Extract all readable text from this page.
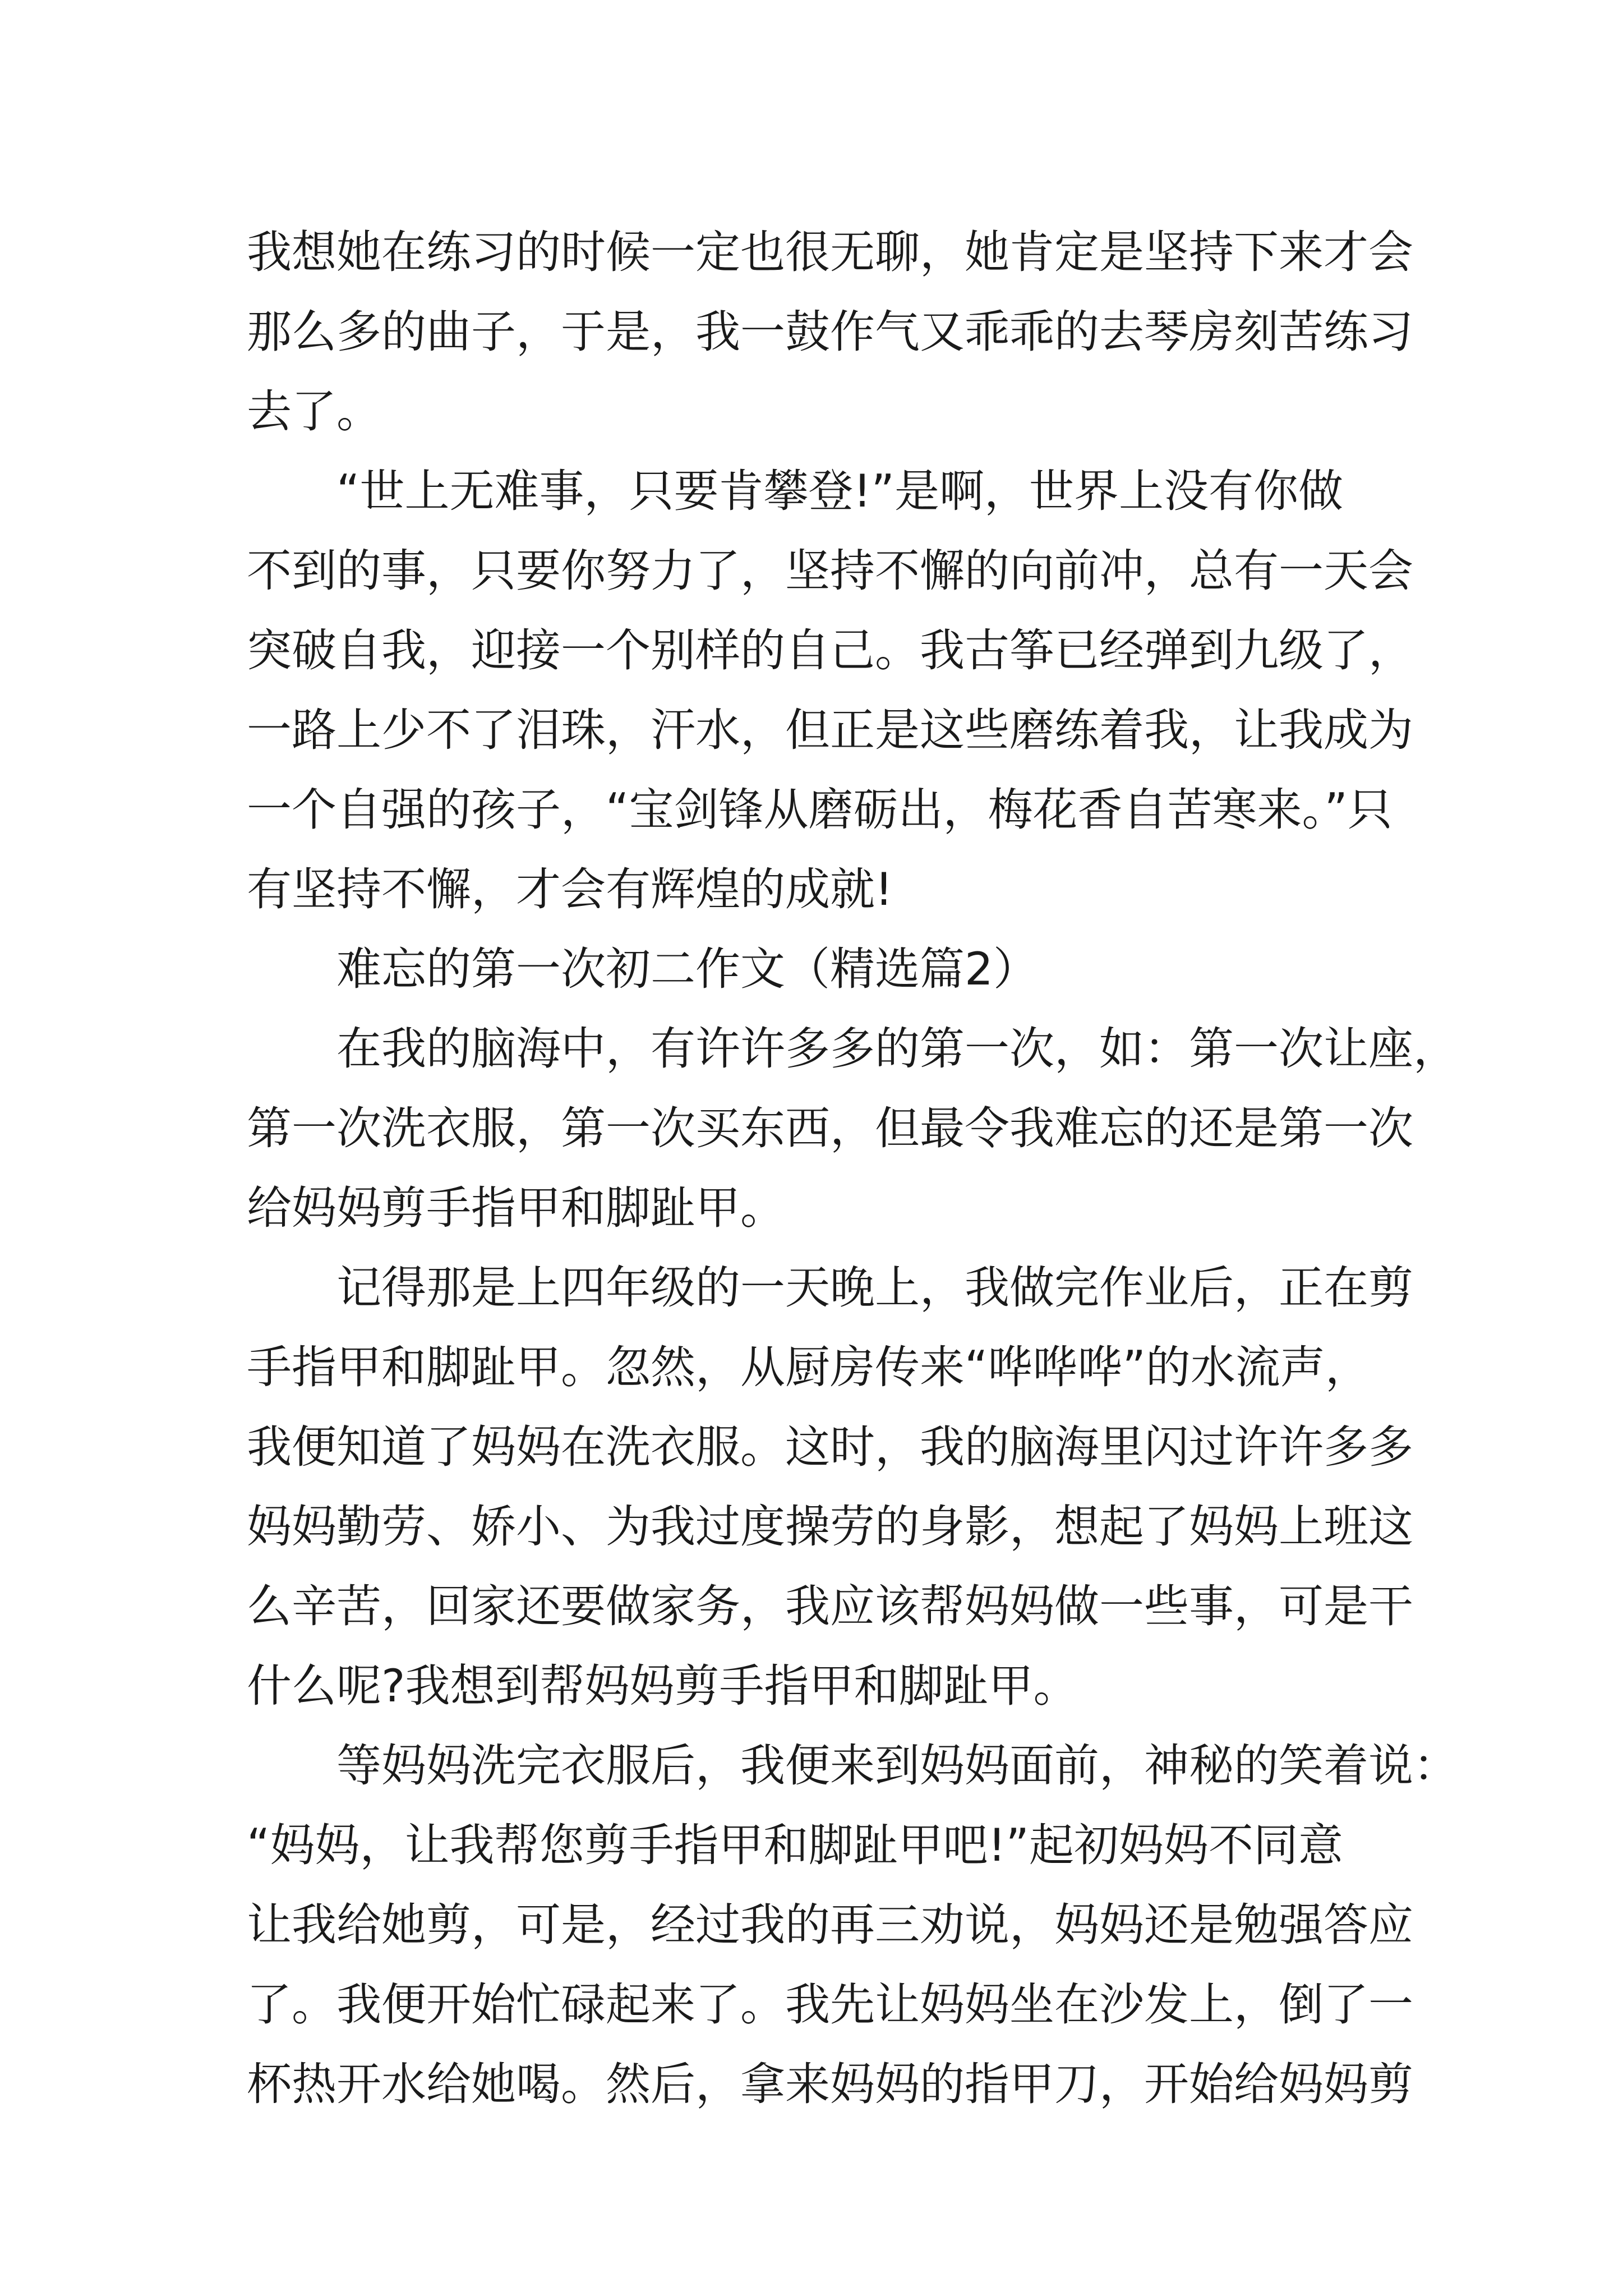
我想她在练习的时候一定也很无聊，她肯定是坚持下来才会
那么多的曲子，于是，我一鼓作气又乖乖的去琴房刻苦练习
去了。
“世上无难事，只要肯攀登!”是啊，世界上没有你做
不到的事，只要你努力了，坚持不懈的向前冲，总有一天会
突破自我，迎接一个别样的自己。我古筝已经弹到九级了，
一路上少不了泪珠，汗水，但正是这些磨练着我，让我成为
一个自强的孩子，“宝剑锋从磨砺出，梅花香自苦寒来。”只
有坚持不懈，才会有辉煌的成就!
难忘的第一次初二作文（精选篇2）
在我的脑海中，有许许多多的第一次，如：第一次让座，
第一次洗衣服，第一次买东西，但最令我难忘的还是第一次
给妈妈剪手指甲和脚趾甲。
记得那是上四年级的一天晚上，我做完作业后，正在剪
手指甲和脚趾甲。忽然，从厨房传来“哗哗哗”的水流声，
我便知道了妈妈在洗衣服。这时，我的脑海里闪过许许多多
妈妈勤劳、娇小、为我过度操劳的身影，想起了妈妈上班这
么辛苦，回家还要做家务，我应该帮妈妈做一些事，可是干
什么呢?我想到帮妈妈剪手指甲和脚趾甲。
等妈妈洗完衣服后，我便来到妈妈面前，神秘的笑着说：
“妈妈，让我帮您剪手指甲和脚趾甲吧!”起初妈妈不同意
让我给她剪，可是，经过我的再三劝说，妈妈还是勉强答应
了。我便开始忙碌起来了。我先让妈妈坐在沙发上，倒了一
杯热开水给她喝。然后，拿来妈妈的指甲刀，开始给妈妈剪
